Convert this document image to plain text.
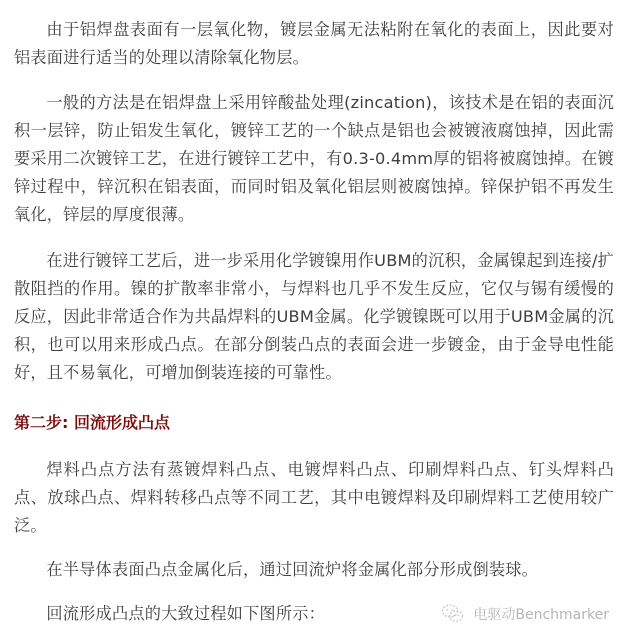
由于铝焊盘表面有一层氧化物，镀层金属无法粘附在氧化的表面上，因此要对铝表面进行适当的处理以清除氧化物层。

一般的方法是在铝焊盘上采用锌酸盐处理(zincation)，该技术是在铝的表面沉积一层锌，防止铝发生氧化，镀锌工艺的一个缺点是铝也会被镀液腐蚀掉，因此需要采用二次镀锌工艺，在进行镀锌工艺中，有0.3-0.4mm厚的铝将被腐蚀掉。在镀锌过程中，锌沉积在铝表面，而同时铝及氧化铝层则被腐蚀掉。锌保护铝不再发生氧化，锌层的厚度很薄。

在进行镀锌工艺后，进一步采用化学镀镍用作UBM的沉积，金属镍起到连接/扩散阻挡的作用。镍的扩散率非常小，与焊料也几乎不发生反应，它仅与锡有缓慢的反应，因此非常适合作为共晶焊料的UBM金属。化学镀镍既可以用于UBM金属的沉积，也可以用来形成凸点。在部分倒装凸点的表面会进一步镀金，由于金导电性能好，且不易氧化，可增加倒装连接的可靠性。

第二步: 回流形成凸点

焊料凸点方法有蒸镀焊料凸点、电镀焊料凸点、印刷焊料凸点、钉头焊料凸点、放球凸点、焊料转移凸点等不同工艺，其中电镀焊料及印刷焊料工艺使用较广泛。

在半导体表面凸点金属化后，通过回流炉将金属化部分形成倒装球。

回流形成凸点的大致过程如下图所示：	电驱动Benchmarker
